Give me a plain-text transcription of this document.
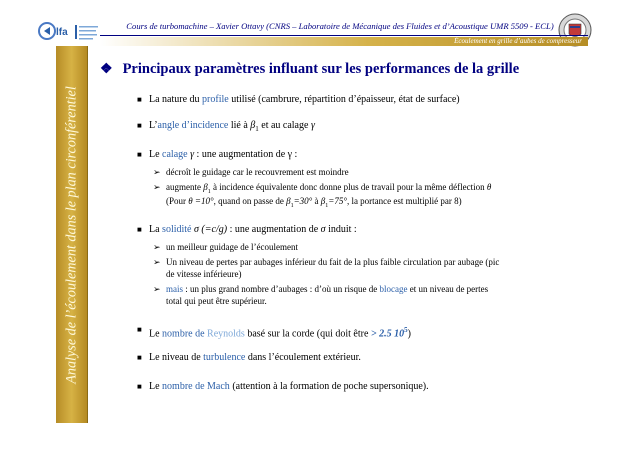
lfa
Cours de turbomachine – Xavier Ottavy (CNRS – Laboratoire de Mécanique des Fluides et d’Acoustique UMR 5509 - ECL)
Écoulement en grille d’aubes de compresseur
Analyse de l’écoulement dans le plan circonférentiel
❖ Principaux paramètres influant sur les performances de la grille
■ La nature du profile utilisé (cambrure, répartition d’épaisseur, état de surface)
■ L’angle d’incidence lié à $\beta_1$ et au calage γ
■ Le calage γ : une augmentation de γ :
➢ décroît le guidage car le recouvrement est moindre
➢ augmente $\beta_1$ à incidence équivalente donc donne plus de travail pour la même déflection θ
(Pour θ =10°, quand on passe de $\beta_1=30^\circ$ à $\beta_1=75^\circ$, la portance est multiplié par 8)
■ La solidité σ (=c/g) : une augmentation de σ induit :
➢ un meilleur guidage de l’écoulement
➢ Un niveau de pertes par aubages inférieur du fait de la plus faible circulation par aubage (pic
de vitesse inférieure)
➢ mais : un plus grand nombre d’aubages : d’où un risque de blocage et un niveau de pertes
total qui peut être supérieur.
■ Le nombre de Reynolds basé sur la corde (qui doit être > 2.5 $10^5$)
■ Le niveau de turbulence dans l’écoulement extérieur.
■ Le nombre de Mach (attention à la formation de poche supersonique).
